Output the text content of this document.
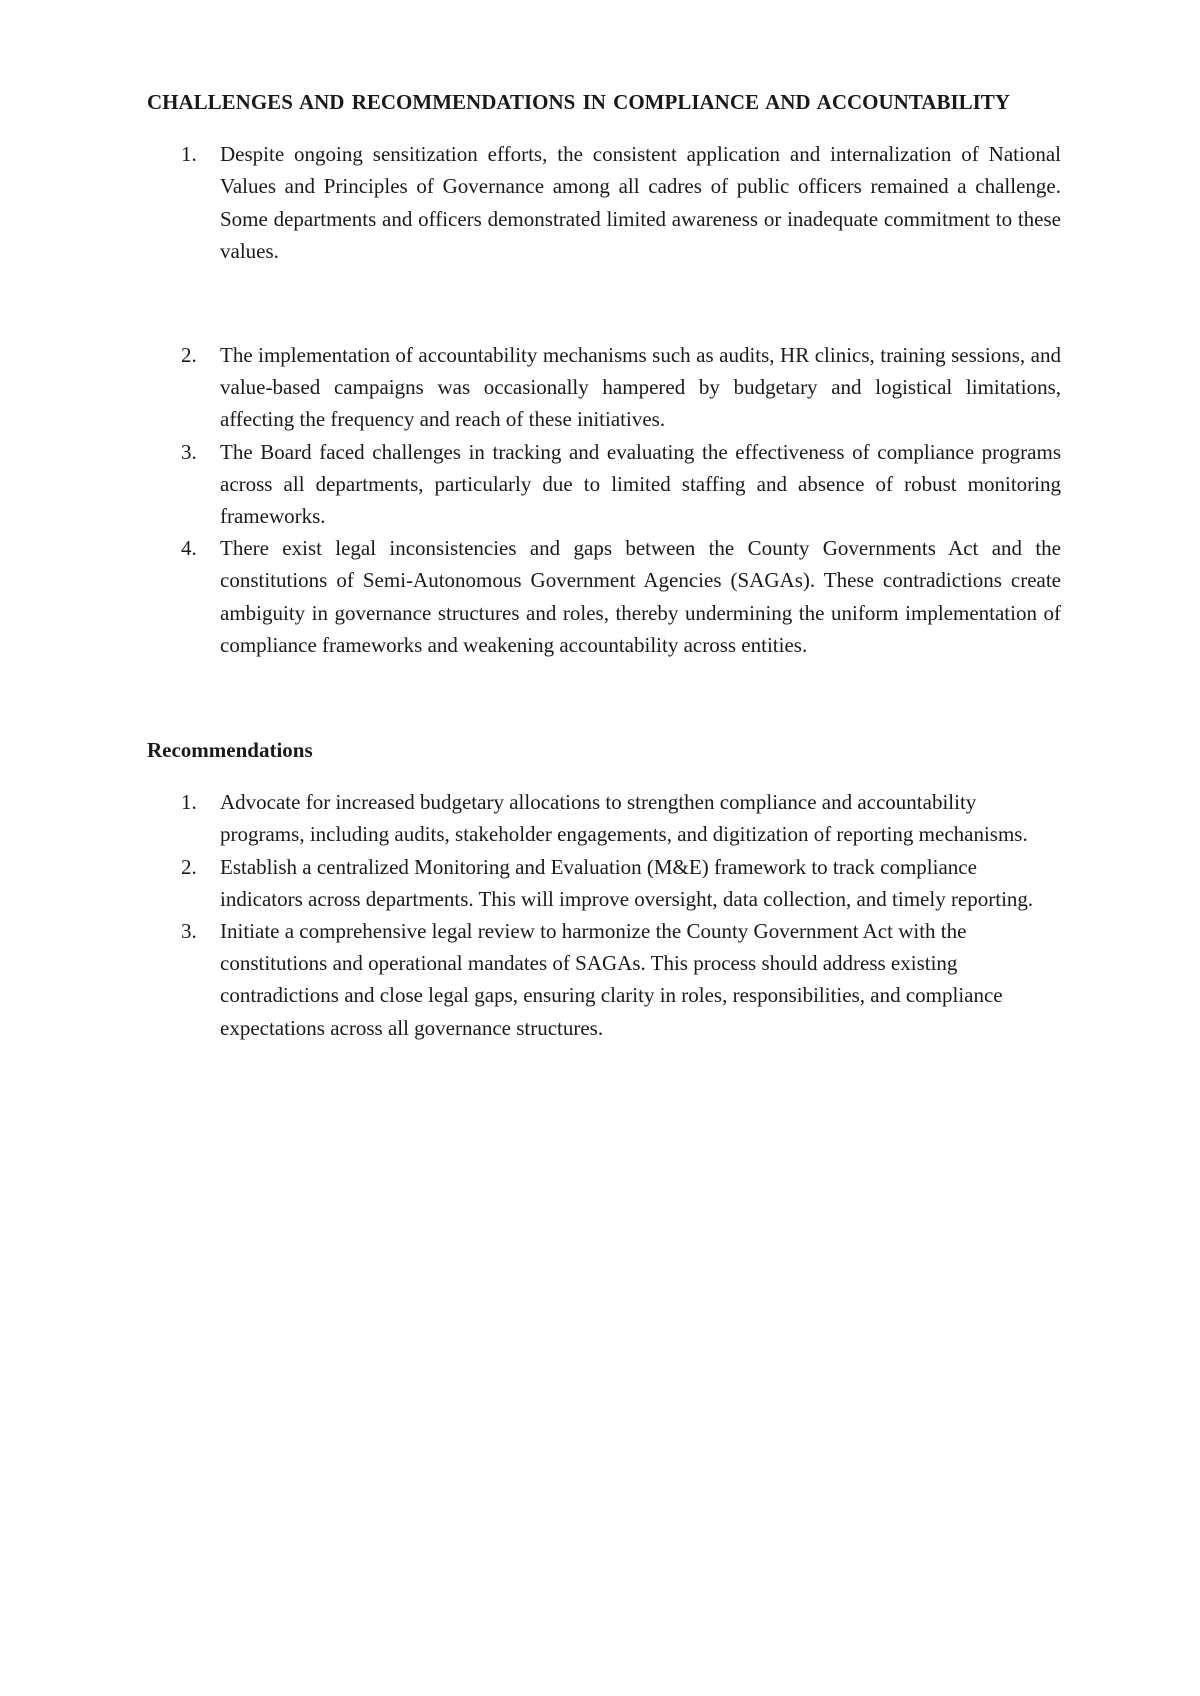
CHALLENGES AND RECOMMENDATIONS IN COMPLIANCE AND ACCOUNTABILITY

1. Despite ongoing sensitization efforts, the consistent application and internalization of National Values and Principles of Governance among all cadres of public officers remained a challenge. Some departments and officers demonstrated limited awareness or inadequate commitment to these values.
2. The implementation of accountability mechanisms such as audits, HR clinics, training sessions, and value-based campaigns was occasionally hampered by budgetary and logistical limitations, affecting the frequency and reach of these initiatives.
3. The Board faced challenges in tracking and evaluating the effectiveness of compliance programs across all departments, particularly due to limited staffing and absence of robust monitoring frameworks.
4. There exist legal inconsistencies and gaps between the County Governments Act and the constitutions of Semi-Autonomous Government Agencies (SAGAs). These contradictions create ambiguity in governance structures and roles, thereby undermining the uniform implementation of compliance frameworks and weakening accountability across entities.

Recommendations

1. Advocate for increased budgetary allocations to strengthen compliance and accountability programs, including audits, stakeholder engagements, and digitization of reporting mechanisms.
2. Establish a centralized Monitoring and Evaluation (M&E) framework to track compliance indicators across departments. This will improve oversight, data collection, and timely reporting.
3. Initiate a comprehensive legal review to harmonize the County Government Act with the constitutions and operational mandates of SAGAs. This process should address existing contradictions and close legal gaps, ensuring clarity in roles, responsibilities, and compliance expectations across all governance structures.
